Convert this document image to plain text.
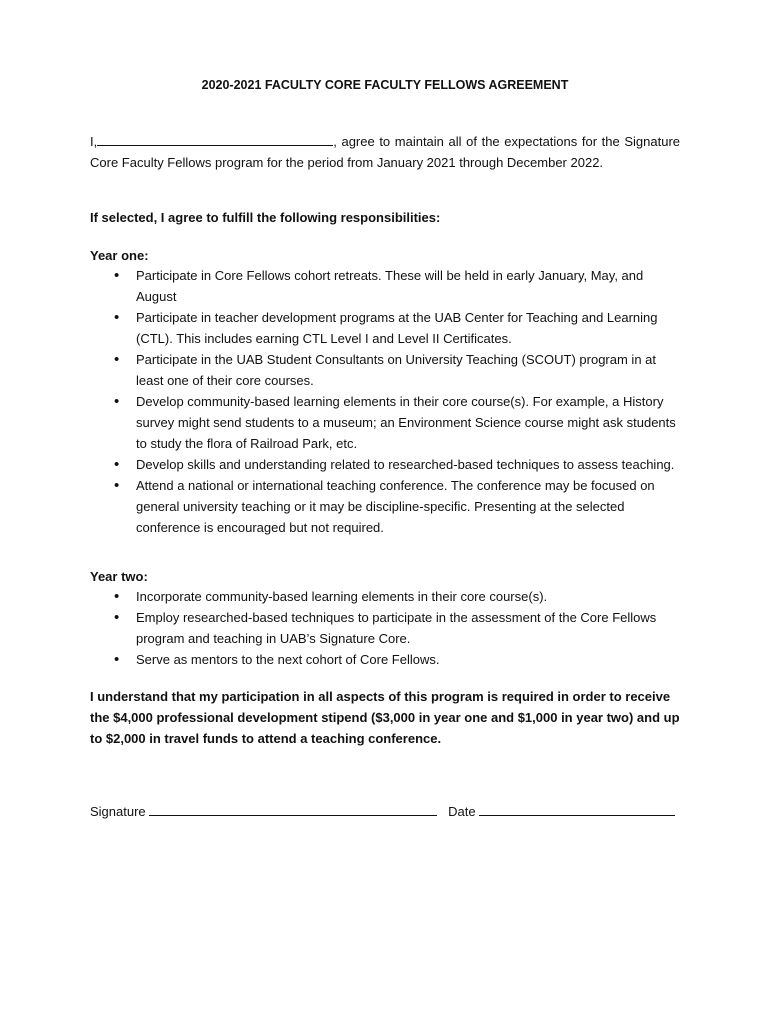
2020-2021 FACULTY CORE FACULTY FELLOWS AGREEMENT
I,	, agree to maintain all of the expectations for the Signature Core Faculty Fellows program for the period from January 2021 through December 2022.
If selected, I agree to fulfill the following responsibilities:
Year one:
• Participate in Core Fellows cohort retreats. These will be held in early January, May, and August
• Participate in teacher development programs at the UAB Center for Teaching and Learning (CTL). This includes earning CTL Level I and Level II Certificates.
• Participate in the UAB Student Consultants on University Teaching (SCOUT) program in at least one of their core courses.
• Develop community-based learning elements in their core course(s). For example, a History survey might send students to a museum; an Environment Science course might ask students to study the flora of Railroad Park, etc.
• Develop skills and understanding related to researched-based techniques to assess teaching.
• Attend a national or international teaching conference. The conference may be focused on general university teaching or it may be discipline-specific. Presenting at the selected conference is encouraged but not required.
Year two:
• Incorporate community-based learning elements in their core course(s).
• Employ researched-based techniques to participate in the assessment of the Core Fellows program and teaching in UAB’s Signature Core.
• Serve as mentors to the next cohort of Core Fellows.
I understand that my participation in all aspects of this program is required in order to receive the $4,000 professional development stipend ($3,000 in year one and $1,000 in year two) and up to $2,000 in travel funds to attend a teaching conference.
Signature	Date
